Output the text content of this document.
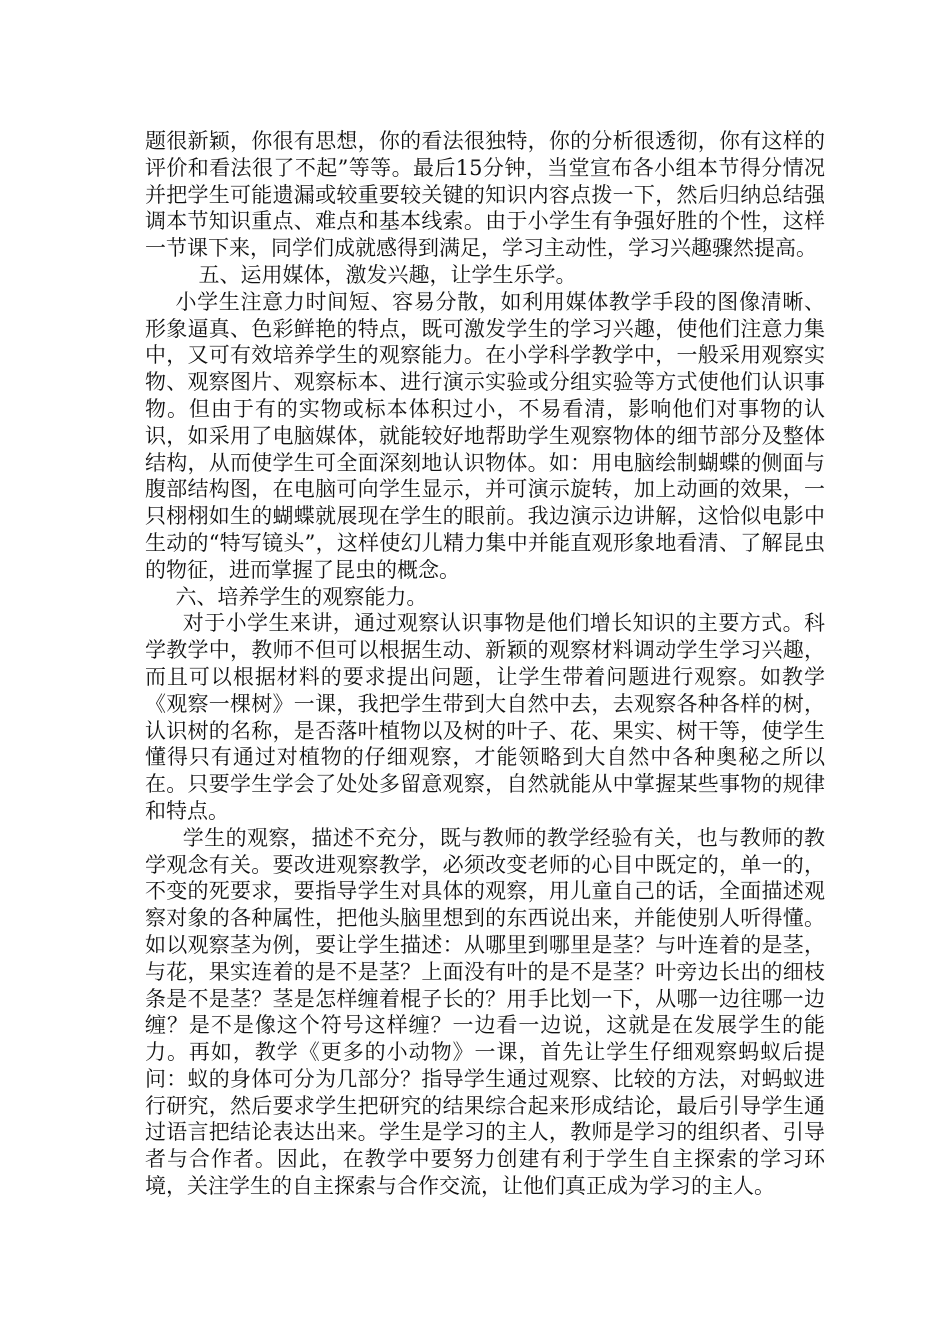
题很新颖，你很有思想，你的看法很独特，你的分析很透彻，你有这样的评价和看法很了不起”等等。最后15分钟，当堂宣布各小组本节得分情况并把学生可能遗漏或较重要较关键的知识内容点拨一下，然后归纳总结强调本节知识重点、难点和基本线索。由于小学生有争强好胜的个性，这样一节课下来，同学们成就感得到满足，学习主动性，学习兴趣骤然提高。

五、运用媒体，激发兴趣，让学生乐学。

小学生注意力时间短、容易分散，如利用媒体教学手段的图像清晰、形象逼真、色彩鲜艳的特点，既可激发学生的学习兴趣，使他们注意力集中，又可有效培养学生的观察能力。在小学科学教学中，一般采用观察实物、观察图片、观察标本、进行演示实验或分组实验等方式使他们认识事物。但由于有的实物或标本体积过小，不易看清，影响他们对事物的认识，如采用了电脑媒体，就能较好地帮助学生观察物体的细节部分及整体结构，从而使学生可全面深刻地认识物体。如：用电脑绘制蝴蝶的侧面与腹部结构图，在电脑可向学生显示，并可演示旋转，加上动画的效果，一只栩栩如生的蝴蝶就展现在学生的眼前。我边演示边讲解，这恰似电影中生动的“特写镜头”，这样使幻儿精力集中并能直观形象地看清、了解昆虫的物征，进而掌握了昆虫的概念。

六、培养学生的观察能力。

对于小学生来讲，通过观察认识事物是他们增长知识的主要方式。科学教学中，教师不但可以根据生动、新颖的观察材料调动学生学习兴趣，而且可以根据材料的要求提出问题，让学生带着问题进行观察。如教学《观察一棵树》一课，我把学生带到大自然中去，去观察各种各样的树，认识树的名称，是否落叶植物以及树的叶子、花、果实、树干等，使学生懂得只有通过对植物的仔细观察，才能领略到大自然中各种奥秘之所以在。只要学生学会了处处多留意观察，自然就能从中掌握某些事物的规律和特点。

学生的观察，描述不充分，既与教师的教学经验有关，也与教师的教学观念有关。要改进观察教学，必须改变老师的心目中既定的，单一的，不变的死要求，要指导学生对具体的观察，用儿童自己的话，全面描述观察对象的各种属性，把他头脑里想到的东西说出来，并能使别人听得懂。如以观察茎为例，要让学生描述：从哪里到哪里是茎？与叶连着的是茎，与花，果实连着的是不是茎？上面没有叶的是不是茎？叶旁边长出的细枝条是不是茎？茎是怎样缠着棍子长的？用手比划一下，从哪一边往哪一边缠？是不是像这个符号这样缠？一边看一边说，这就是在发展学生的能力。再如，教学《更多的小动物》一课，首先让学生仔细观察蚂蚁后提问：蚁的身体可分为几部分？指导学生通过观察、比较的方法，对蚂蚁进行研究，然后要求学生把研究的结果综合起来形成结论，最后引导学生通过语言把结论表达出来。学生是学习的主人，教师是学习的组织者、引导者与合作者。因此，在教学中要努力创建有利于学生自主探索的学习环境，关注学生的自主探索与合作交流，让他们真正成为学习的主人。
